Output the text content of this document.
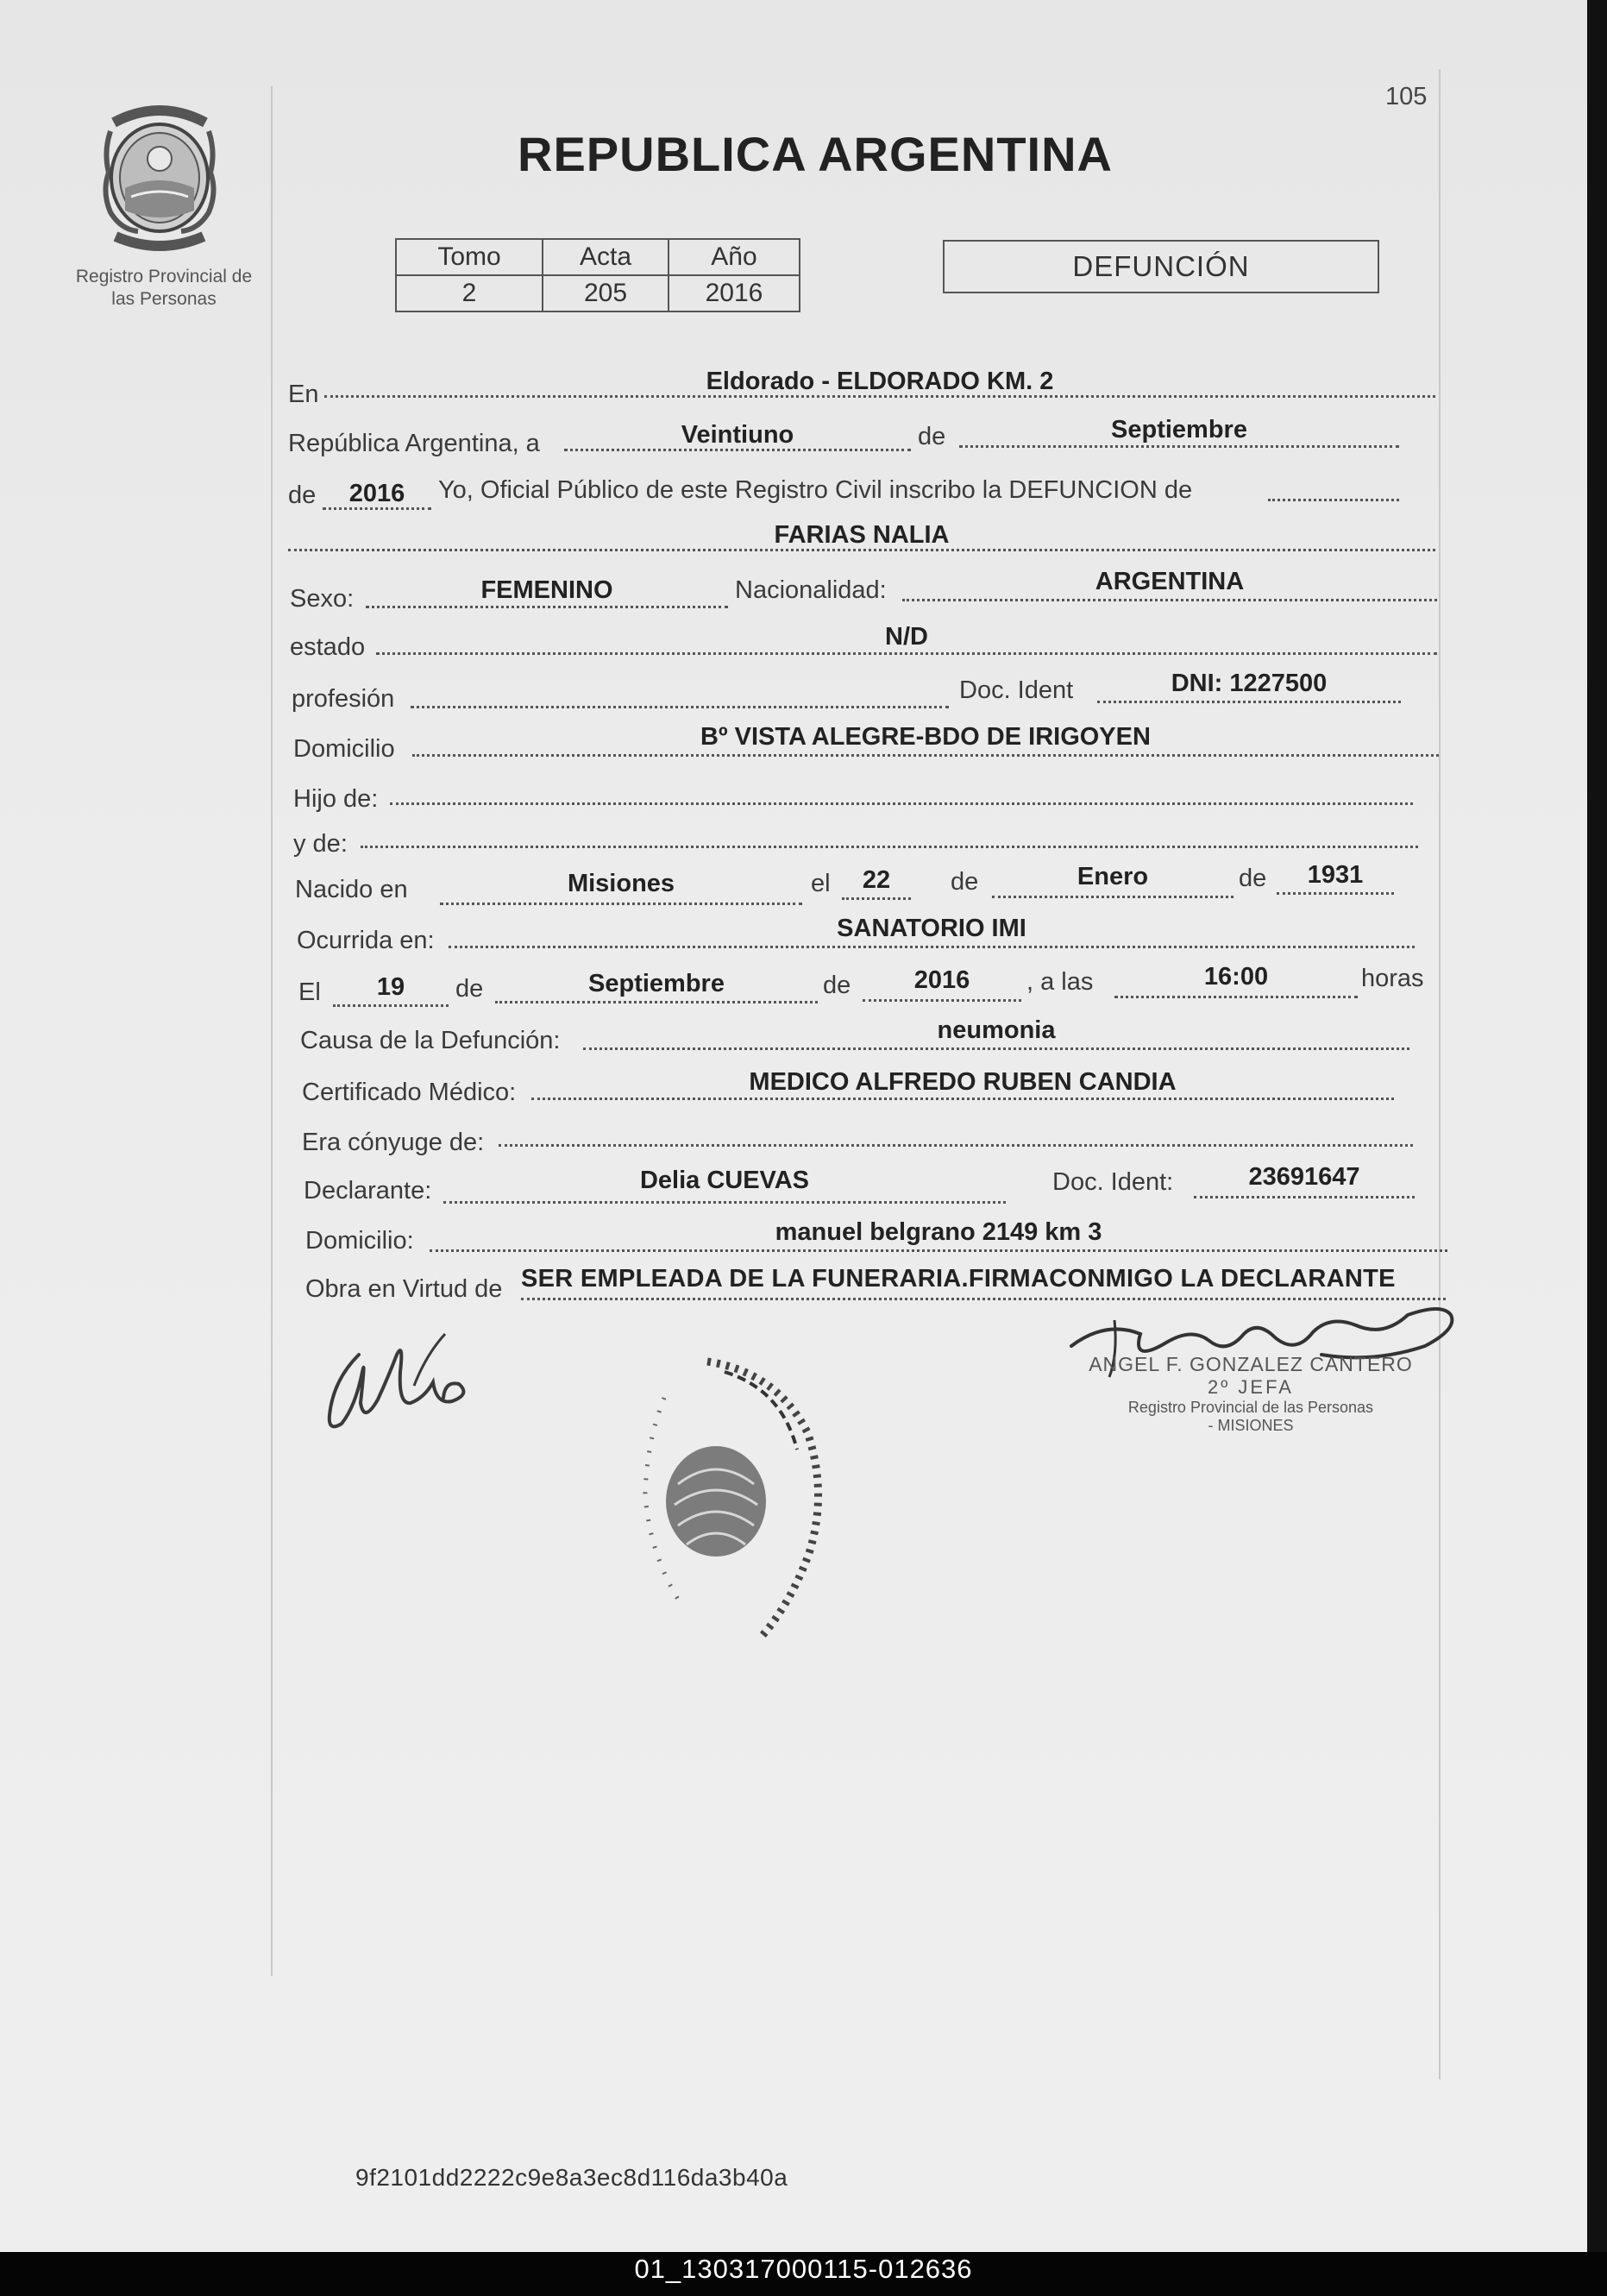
105
Registro Provincial de
las Personas
REPUBLICA ARGENTINA
Tomo	Acta	Año
2	205	2016
DEFUNCIÓN
En	Eldorado - ELDORADO KM. 2
República Argentina, a	Veintiuno	de	Septiembre
de	2016	Yo, Oficial Público de este Registro Civil inscribo la DEFUNCION de
FARIAS NALIA
Sexo:	FEMENINO	Nacionalidad:	ARGENTINA
estado	N/D
profesión	Doc. Ident	DNI: 1227500
Domicilio	Bº VISTA ALEGRE-BDO DE IRIGOYEN
Hijo de:
y de:
Nacido en	Misiones	el	22	de	Enero	de	1931
Ocurrida en:	SANATORIO IMI
El	19	de	Septiembre	de	2016	, a las	16:00	horas
Causa de la Defunción:	neumonia
Certificado Médico:	MEDICO ALFREDO RUBEN CANDIA
Era cónyuge de:
Declarante:	Delia CUEVAS	Doc. Ident:	23691647
Domicilio:	manuel belgrano 2149 km 3
Obra en Virtud de SER EMPLEADA DE LA FUNERARIA.FIRMACONMIGO LA DECLARANTE
ANGEL F. GONZALEZ CANTERO
2º JEFA
Registro Provincial de las Personas
- MISIONES
9f2101dd2222c9e8a3ec8d116da3b40a
01_130317000115-012636
